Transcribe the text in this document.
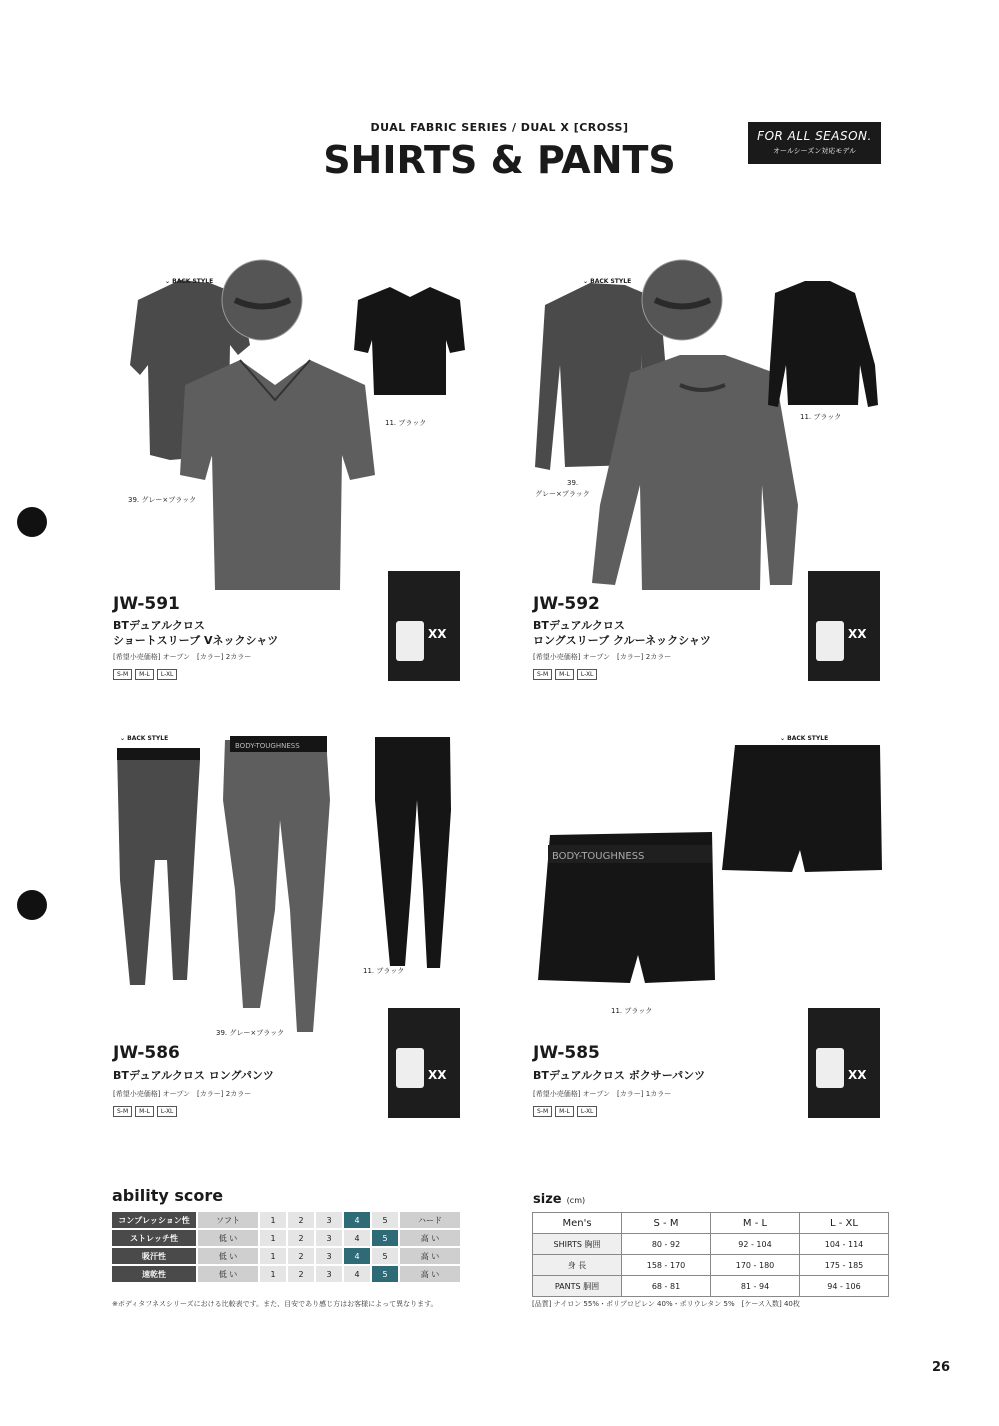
DUAL FABRIC SERIES / DUAL X [CROSS]
SHIRTS & PANTS
FOR ALL SEASON.
オールシーズン対応モデル
⌄ BACK STYLE
11. ブラック
39. グレー×ブラック
JW-591
BTデュアルクロス
ショートスリーブ Vネックシャツ
[希望小売価格] オープン　[カラー] 2カラー
S-M	M-L	L-XL
XX
⌄ BACK STYLE
11. ブラック
39.
グレー×ブラック
JW-592
BTデュアルクロス
ロングスリーブ クルーネックシャツ
[希望小売価格] オープン　[カラー] 2カラー
S-M	M-L	L-XL
XX
BODY-TOUGHNESS
⌄ BACK STYLE
11. ブラック
39. グレー×ブラック
JW-586
BTデュアルクロス ロングパンツ
[希望小売価格] オープン　[カラー] 2カラー
S-M	M-L	L-XL
XX
BODY-TOUGHNESS
⌄ BACK STYLE
11. ブラック
JW-585
BTデュアルクロス ボクサーパンツ
[希望小売価格] オープン　[カラー] 1カラー
S-M	M-L	L-XL
XX
ability score
コンプレッション性	ソフト	1	2	3	4	5	ハード
ストレッチ性	低 い	1	2	3	4	5	高 い
吸汗性	低 い	1	2	3	4	5	高 い
速乾性	低 い	1	2	3	4	5	高 い
※ボディタフネスシリーズにおける比較表です。また、目安であり感じ方はお客様によって異なります。
size (cm)
Men's	S - M	M - L	L - XL
SHIRTS 胸囲	80 - 92	92 - 104	104 - 114
身 長	158 - 170	170 - 180	175 - 185
PANTS 胴囲	68 - 81	81 - 94	94 - 106
[品質] ナイロン 55%・ポリプロピレン 40%・ポリウレタン 5%　[ケース入数] 40枚
26
